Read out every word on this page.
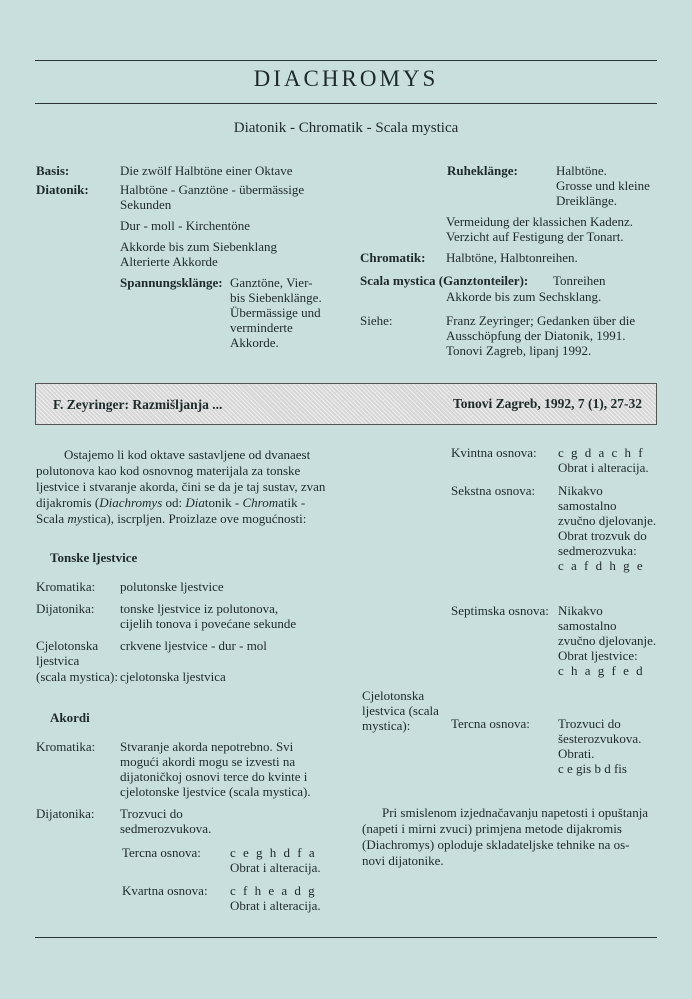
DIACHROMYS
Diatonik - Chromatik - Scala mystica
Basis:	Die zwölf Halbtöne einer Oktave
Diatonik: Halbtöne - Ganztöne - übermässige
Sekunden
Dur - moll - Kirchentöne
Akkorde bis zum Siebenklang
Alterierte Akkorde
Spannungsklänge: Ganztöne, Vier-
bis Siebenklänge.
Übermässige und
verminderte
Akkorde.
Ruheklänge:	Halbtöne.
Grosse und kleine
Dreiklänge.
Vermeidung der klassichen Kadenz.
Verzicht auf Festigung der Tonart.
Chromatik: Halbtöne, Halbtonreihen.
Scala mystica (Ganztonteiler): Tonreihen
Akkorde bis zum Sechsklang.
Siehe:	Franz Zeyringer; Gedanken über die
Ausschöpfung der Diatonik, 1991.
Tonovi Zagreb, lipanj 1992.
F. Zeyringer: Razmišljanja ...	Tonovi Zagreb, 1992, 7 (1), 27-32
Ostajemo li kod oktave sastavljene od dvanaest
polutonova kao kod osnovnog materijala za tonske
ljestvice i stvaranje akorda, čini se da je taj sustav, zvan
dijakromis (Diachromys od: Diatonik - Chromatik -
Scala mystica), iscrpljen. Proizlaze ove mogućnosti:
Tonske ljestvice
Kromatika: polutonske ljestvice
Dijatonika: tonske ljestvice iz polutonova,
cijelih tonova i povećane sekunde
Cjelotonska crkvene ljestvice - dur - mol
ljestvica
(scala mystica): cjelotonska ljestvica
Akordi
Kromatika: Stvaranje akorda nepotrebno. Svi
mogući akordi mogu se izvesti na
dijatoničkoj osnovi terce do kvinte i
cjelotonske ljestvice (scala mystica).
Dijatonika: Trozvuci do
sedmerozvukova.
Tercna osnova: c e g h d f a
Obrat i alteracija.
Kvartna osnova: c f h e a d g
Obrat i alteracija.
Kvintna osnova: c g d a c h f
Obrat i alteracija.
Sekstna osnova: Nikakvo
samostalno
zvučno djelovanje.
Obrat trozvuk do
sedmerozvuka:
c a f d h g e
Septimska osnova: Nikakvo
samostalno
zvučno djelovanje.
Obrat ljestvice:
c h a g f e d
Cjelotonska
ljestvica (scala
mystica):	Tercna osnova: Trozvuci do
šesterozvukova.
Obrati.
c e gis b d fis
Pri smislenom izjednačavanju napetosti i opuštanja
(napeti i mirni zvuci) primjena metode dijakromis
(Diachromys) oploduje skladateljske tehnike na os-
novi dijatonike.
